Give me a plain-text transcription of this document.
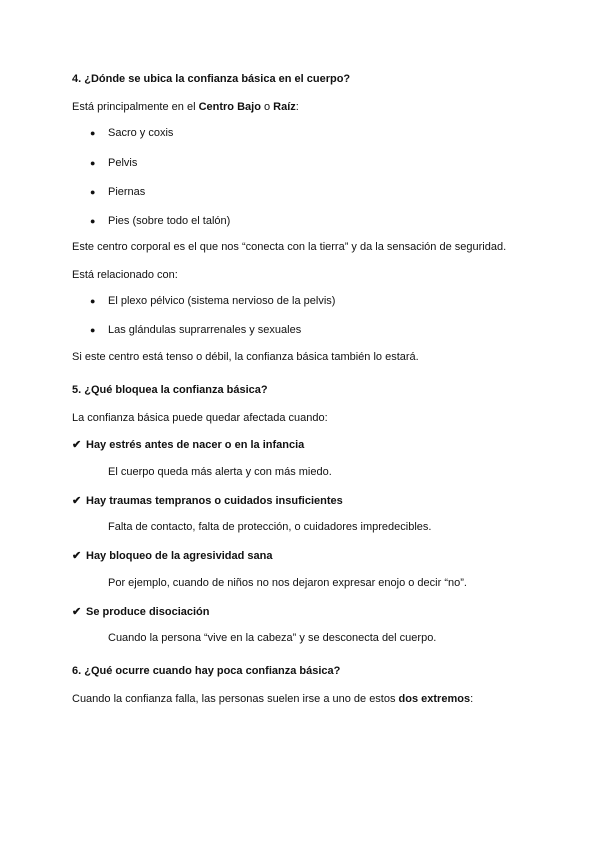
4. ¿Dónde se ubica la confianza básica en el cuerpo?
Está principalmente en el Centro Bajo o Raíz:
● Sacro y coxis
● Pelvis
● Piernas
● Pies (sobre todo el talón)
Este centro corporal es el que nos “conecta con la tierra” y da la sensación de seguridad.
Está relacionado con:
● El plexo pélvico (sistema nervioso de la pelvis)
● Las glándulas suprarrenales y sexuales
Si este centro está tenso o débil, la confianza básica también lo estará.
5. ¿Qué bloquea la confianza básica?
La confianza básica puede quedar afectada cuando:
✔ Hay estrés antes de nacer o en la infancia
El cuerpo queda más alerta y con más miedo.
✔ Hay traumas tempranos o cuidados insuficientes
Falta de contacto, falta de protección, o cuidadores impredecibles.
✔ Hay bloqueo de la agresividad sana
Por ejemplo, cuando de niños no nos dejaron expresar enojo o decir “no”.
✔ Se produce disociación
Cuando la persona “vive en la cabeza” y se desconecta del cuerpo.
6. ¿Qué ocurre cuando hay poca confianza básica?
Cuando la confianza falla, las personas suelen irse a uno de estos dos extremos:
